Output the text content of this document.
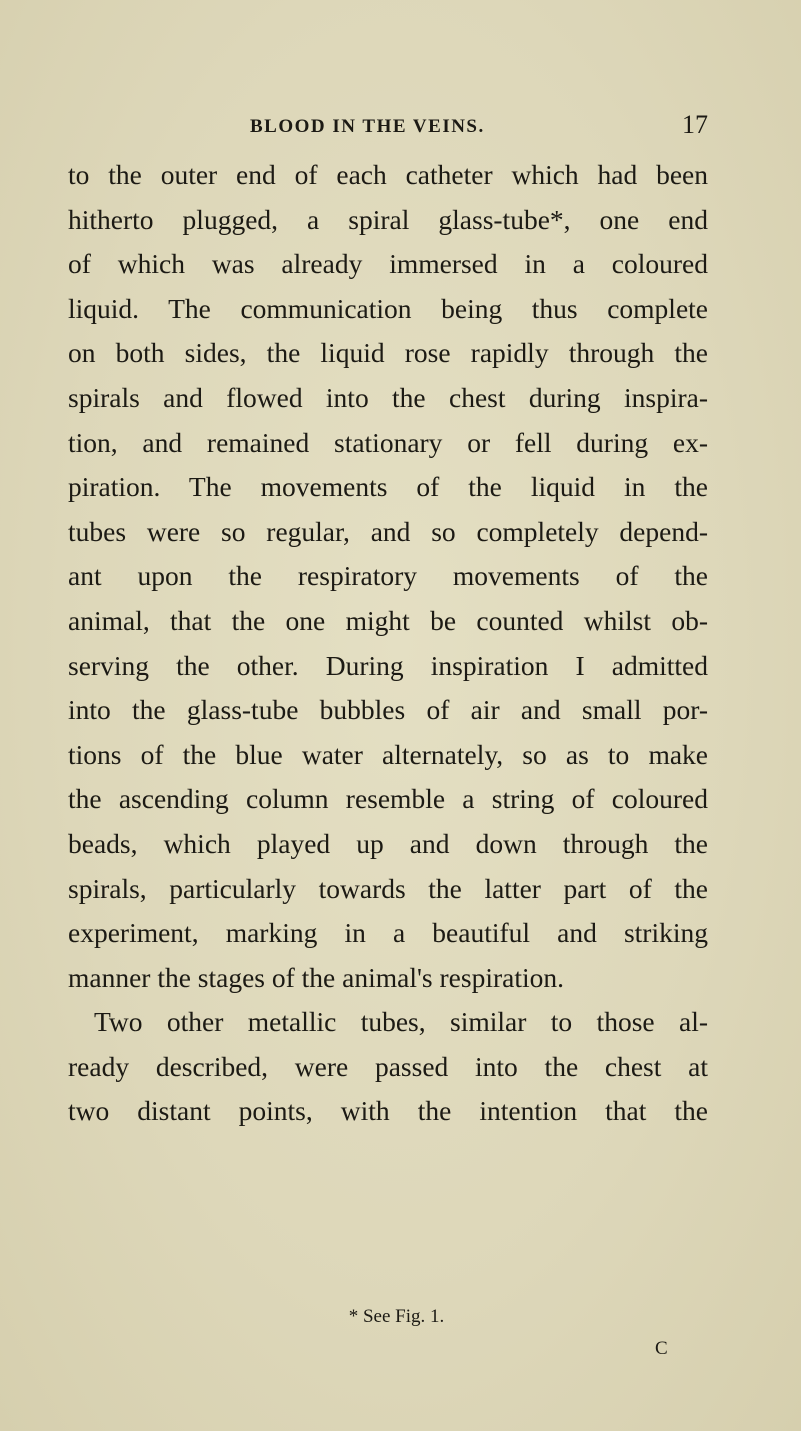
BLOOD IN THE VEINS.	17
to the outer end of each catheter which had been
hitherto plugged, a spiral glass-tube*, one end
of which was already immersed in a coloured
liquid. The communication being thus complete
on both sides, the liquid rose rapidly through the
spirals and flowed into the chest during inspira-
tion, and remained stationary or fell during ex-
piration. The movements of the liquid in the
tubes were so regular, and so completely depend-
ant upon the respiratory movements of the
animal, that the one might be counted whilst ob-
serving the other. During inspiration I admitted
into the glass-tube bubbles of air and small por-
tions of the blue water alternately, so as to make
the ascending column resemble a string of coloured
beads, which played up and down through the
spirals, particularly towards the latter part of the
experiment, marking in a beautiful and striking
manner the stages of the animal's respiration.
Two other metallic tubes, similar to those al-
ready described, were passed into the chest at
two distant points, with the intention that the
* See Fig. 1.
C
